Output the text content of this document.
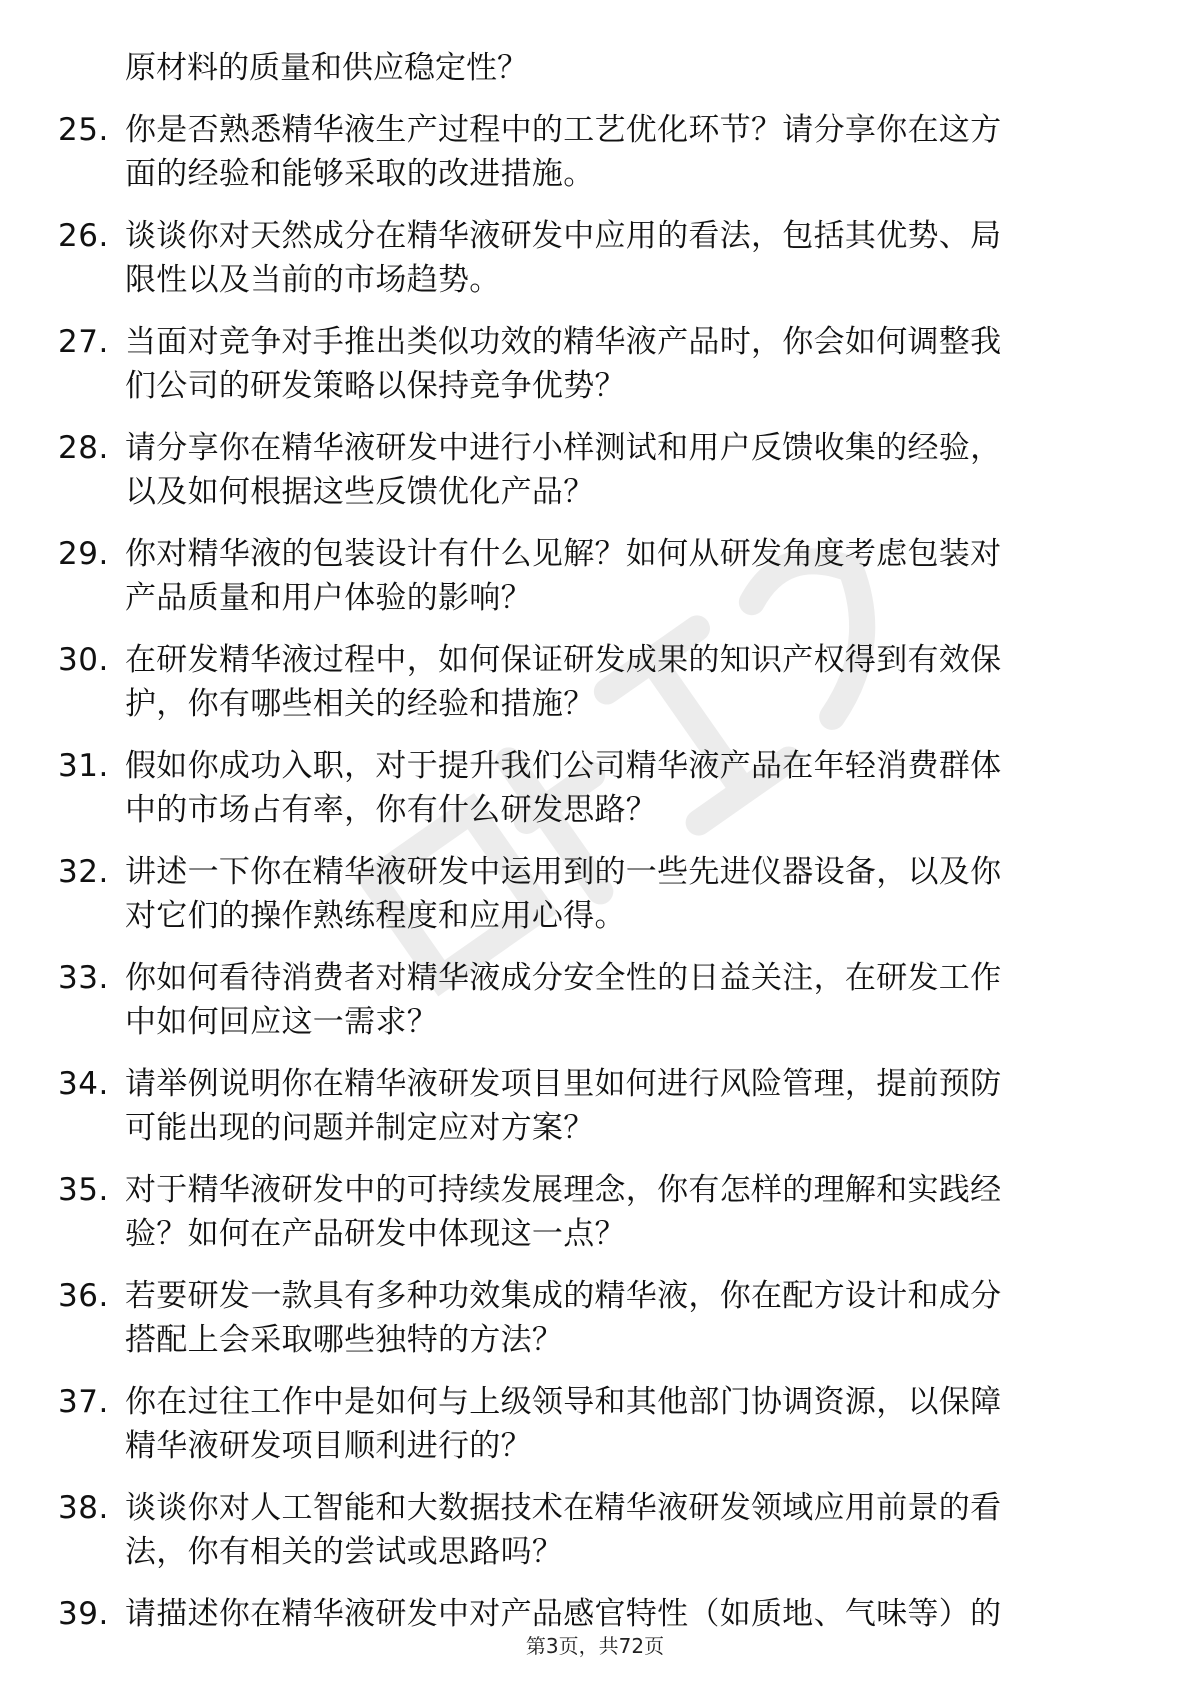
原材料的质量和供应稳定性？
25. 你是否熟悉精华液生产过程中的工艺优化环节？请分享你在这方
面的经验和能够采取的改进措施。
26. 谈谈你对天然成分在精华液研发中应用的看法，包括其优势、局
限性以及当前的市场趋势。
27. 当面对竞争对手推出类似功效的精华液产品时，你会如何调整我
们公司的研发策略以保持竞争优势？
28. 请分享你在精华液研发中进行小样测试和用户反馈收集的经验，
以及如何根据这些反馈优化产品？
29. 你对精华液的包装设计有什么见解？如何从研发角度考虑包装对
产品质量和用户体验的影响？
30. 在研发精华液过程中，如何保证研发成果的知识产权得到有效保
护，你有哪些相关的经验和措施？
31. 假如你成功入职，对于提升我们公司精华液产品在年轻消费群体
中的市场占有率，你有什么研发思路？
32. 讲述一下你在精华液研发中运用到的一些先进仪器设备，以及你
对它们的操作熟练程度和应用心得。
33. 你如何看待消费者对精华液成分安全性的日益关注，在研发工作
中如何回应这一需求？
34. 请举例说明你在精华液研发项目里如何进行风险管理，提前预防
可能出现的问题并制定应对方案？
35. 对于精华液研发中的可持续发展理念，你有怎样的理解和实践经
验？如何在产品研发中体现这一点？
36. 若要研发一款具有多种功效集成的精华液，你在配方设计和成分
搭配上会采取哪些独特的方法？
37. 你在过往工作中是如何与上级领导和其他部门协调资源，以保障
精华液研发项目顺利进行的？
38. 谈谈你对人工智能和大数据技术在精华液研发领域应用前景的看
法，你有相关的尝试或思路吗？
39. 请描述你在精华液研发中对产品感官特性（如质地、气味等）的
第3页，共72页
